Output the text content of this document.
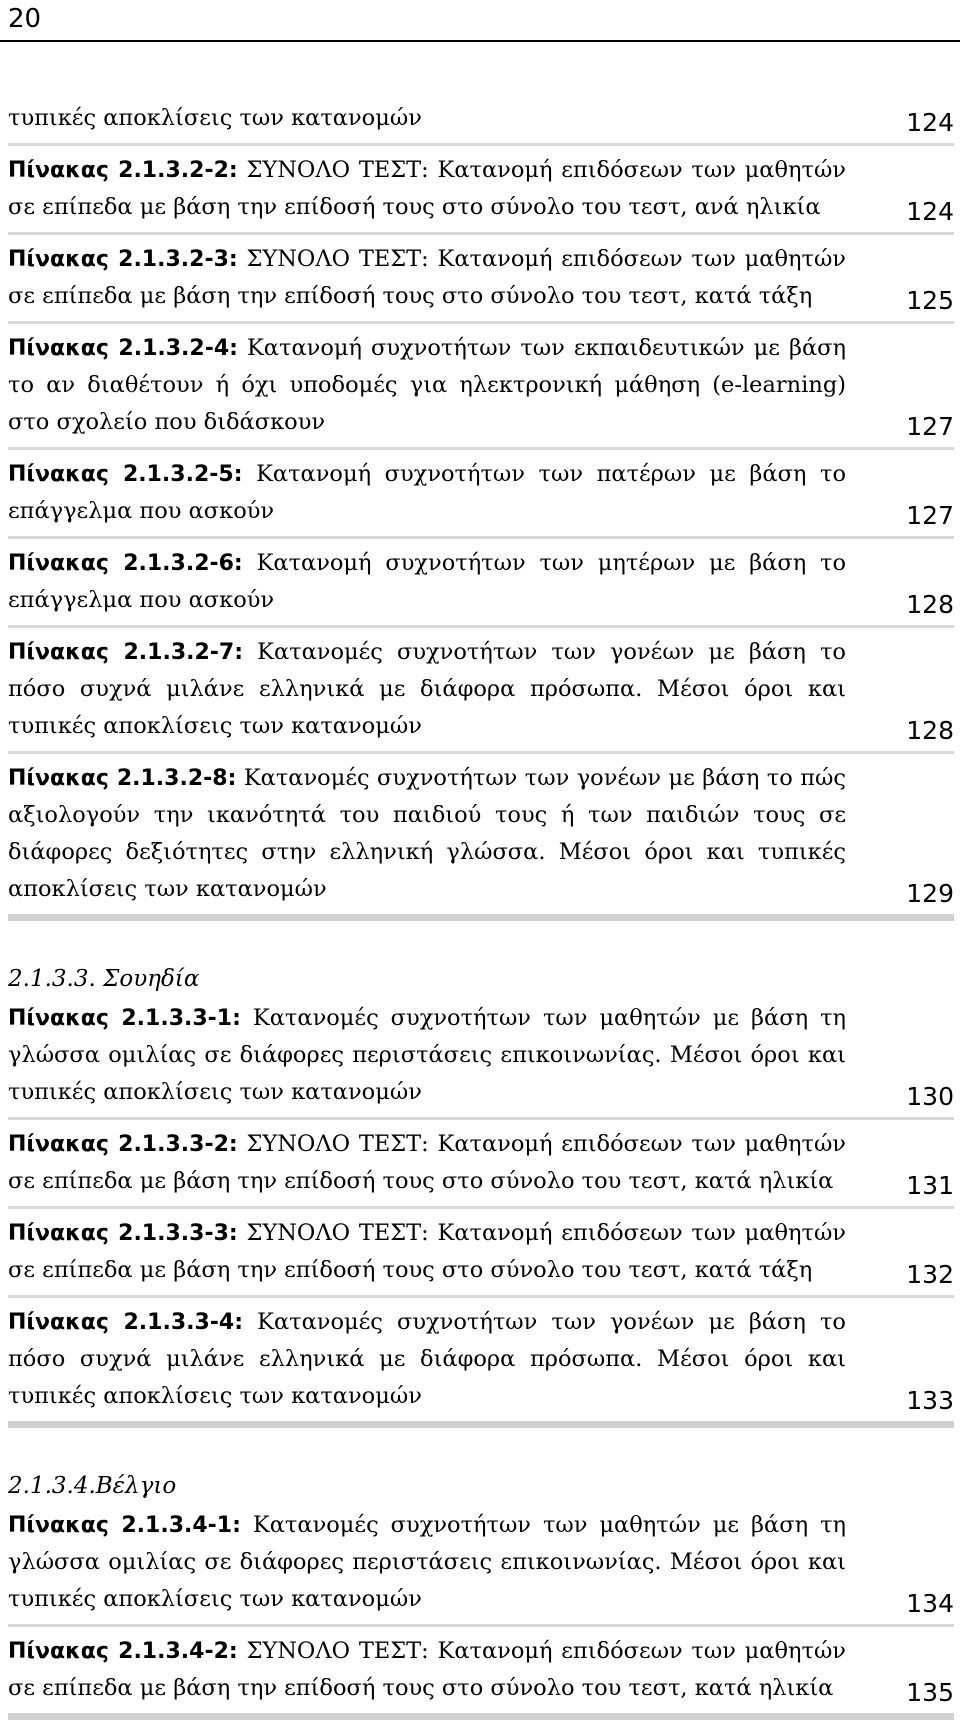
20
τυπικές αποκλίσεις των κατανομών	124
Πίνακας 2.1.3.2-2: ΣΥΝΟΛΟ ΤΕΣΤ: Κατανομή επιδόσεων των μαθητών σε επίπεδα με βάση την επίδοσή τους στο σύνολο του τεστ, ανά ηλικία	124
Πίνακας 2.1.3.2-3: ΣΥΝΟΛΟ ΤΕΣΤ: Κατανομή επιδόσεων των μαθητών σε επίπεδα με βάση την επίδοσή τους στο σύνολο του τεστ, κατά τάξη	125
Πίνακας 2.1.3.2-4: Κατανομή συχνοτήτων των εκπαιδευτικών με βάση το αν διαθέτουν ή όχι υποδομές για ηλεκτρονική μάθηση (e-learning) στο σχολείο που διδάσκουν	127
Πίνακας 2.1.3.2-5: Κατανομή συχνοτήτων των πατέρων με βάση το επάγγελμα που ασκούν	127
Πίνακας 2.1.3.2-6: Κατανομή συχνοτήτων των μητέρων με βάση το επάγγελμα που ασκούν	128
Πίνακας 2.1.3.2-7: Κατανομές συχνοτήτων των γονέων με βάση το πόσο συχνά μιλάνε ελληνικά με διάφορα πρόσωπα. Μέσοι όροι και τυπικές αποκλίσεις των κατανομών	128
Πίνακας 2.1.3.2-8: Κατανομές συχνοτήτων των γονέων με βάση το πώς αξιολογούν την ικανότητά του παιδιού τους ή των παιδιών τους σε διάφορες δεξιότητες στην ελληνική γλώσσα. Μέσοι όροι και τυπικές αποκλίσεις των κατανομών	129
2.1.3.3. Σουηδία
Πίνακας 2.1.3.3-1: Κατανομές συχνοτήτων των μαθητών με βάση τη γλώσσα ομιλίας σε διάφορες περιστάσεις επικοινωνίας. Μέσοι όροι και τυπικές αποκλίσεις των κατανομών	130
Πίνακας 2.1.3.3-2: ΣΥΝΟΛΟ ΤΕΣΤ: Κατανομή επιδόσεων των μαθητών σε επίπεδα με βάση την επίδοσή τους στο σύνολο του τεστ, κατά ηλικία	131
Πίνακας 2.1.3.3-3: ΣΥΝΟΛΟ ΤΕΣΤ: Κατανομή επιδόσεων των μαθητών σε επίπεδα με βάση την επίδοσή τους στο σύνολο του τεστ, κατά τάξη	132
Πίνακας 2.1.3.3-4: Κατανομές συχνοτήτων των γονέων με βάση το πόσο συχνά μιλάνε ελληνικά με διάφορα πρόσωπα. Μέσοι όροι και τυπικές αποκλίσεις των κατανομών	133
2.1.3.4.Βέλγιο
Πίνακας 2.1.3.4-1: Κατανομές συχνοτήτων των μαθητών με βάση τη γλώσσα ομιλίας σε διάφορες περιστάσεις επικοινωνίας. Μέσοι όροι και τυπικές αποκλίσεις των κατανομών	134
Πίνακας 2.1.3.4-2: ΣΥΝΟΛΟ ΤΕΣΤ: Κατανομή επιδόσεων των μαθητών σε επίπεδα με βάση την επίδοσή τους στο σύνολο του τεστ, κατά ηλικία	135
